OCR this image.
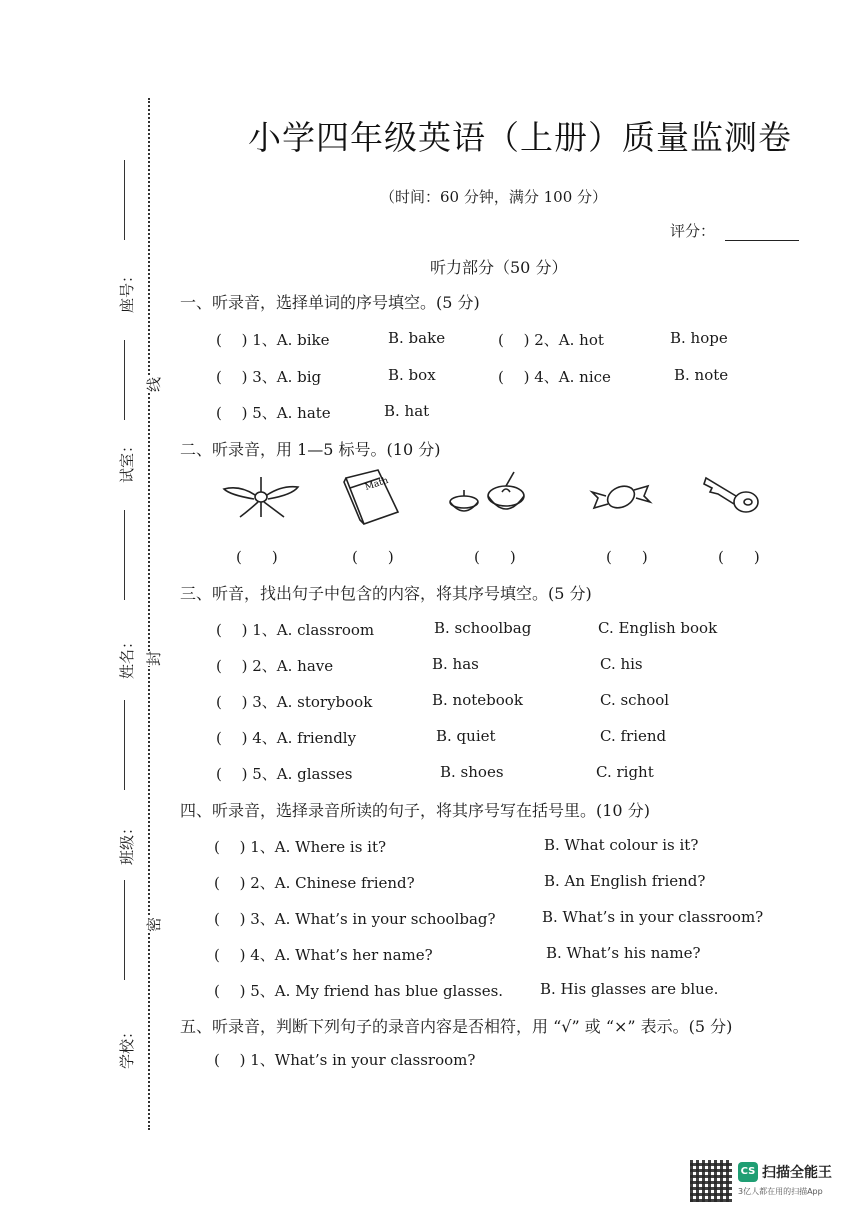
座号：
线
试室：
封
姓名：
班级：
密
学校：
小学四年级英语（上册）质量监测卷
（时间：60 分钟，满分 100 分）
评分：
听力部分（50 分）
一、听录音，选择单词的序号填空。(5 分)
( 　) 1、A. bike	B. bake	( 　) 2、A. hot	B. hope
( 　) 3、A. big	B. box	( 　) 4、A. nice	B. note
( 　) 5、A. hate	B. hat
二、听录音，用 1—5 标号。(10 分)
Math
(　　)	(　　)	(　　)	(　　)	(　　)
三、听音，找出句子中包含的内容，将其序号填空。(5 分)
( 　) 1、A. classroom	B. schoolbag	C. English book
( 　) 2、A. have	B. has	C. his
( 　) 3、A. storybook	B. notebook	C. school
( 　) 4、A. friendly	B. quiet	C. friend
( 　) 5、A. glasses	B. shoes	C. right
四、听录音，选择录音所读的句子，将其序号写在括号里。(10 分)
( 　) 1、A. Where is it?	B. What colour is it?
( 　) 2、A. Chinese friend?	B. An English friend?
( 　) 3、A. What’s in your schoolbag?	B. What’s in your classroom?
( 　) 4、A. What’s her name?	B. What’s his name?
( 　) 5、A. My friend has blue glasses. B. His glasses are blue.
五、听录音，判断下列句子的录音内容是否相符，用 “√” 或 “×” 表示。(5 分)
( 　) 1、What’s in your classroom?
CS 扫描全能王
3亿人都在用的扫描App
